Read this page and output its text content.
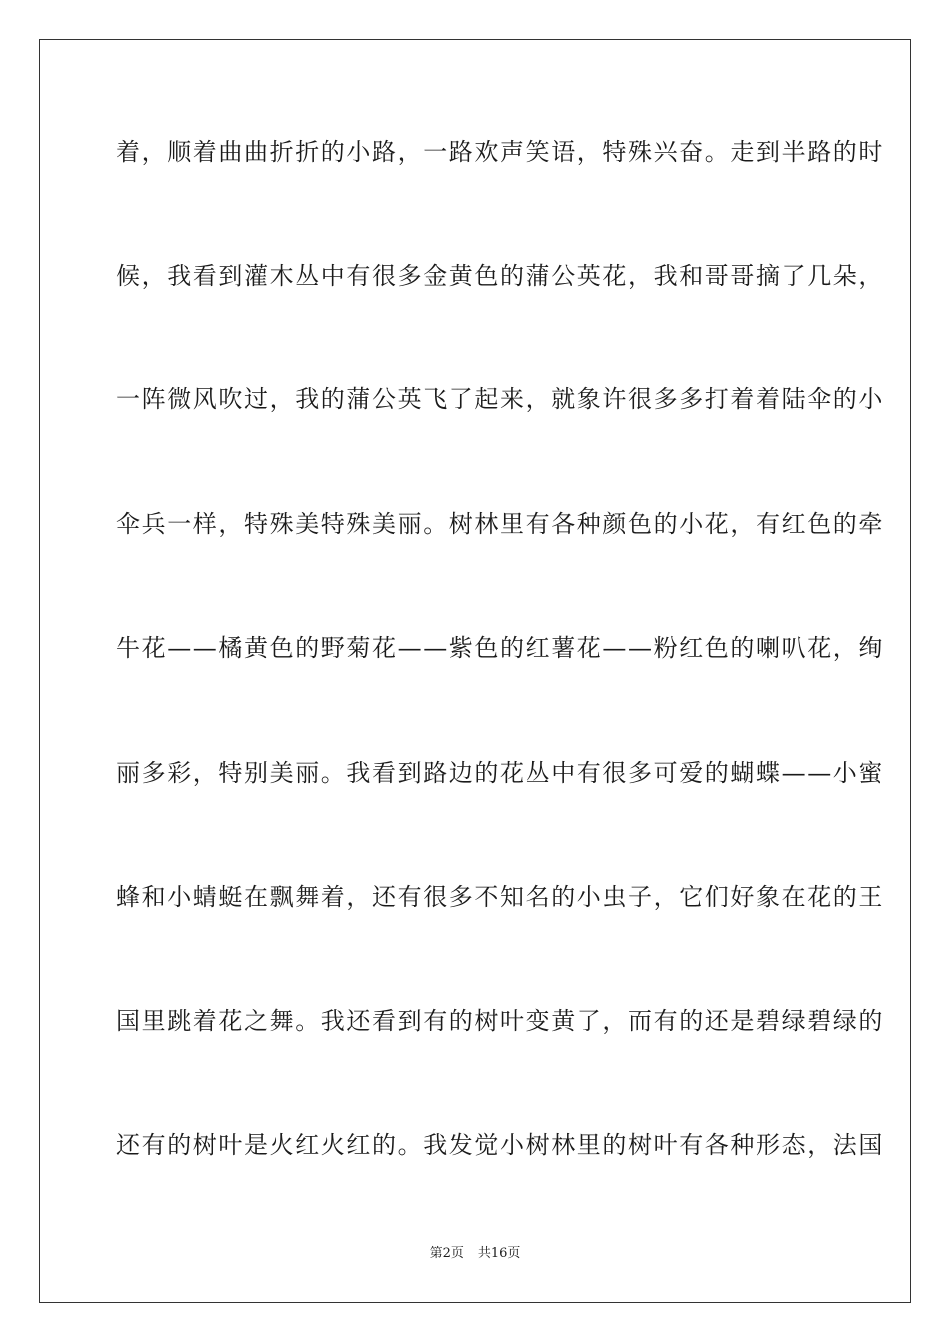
着，顺着曲曲折折的小路，一路欢声笑语，特殊兴奋。走到半路的时
候，我看到灌木丛中有很多金黄色的蒲公英花，我和哥哥摘了几朵，
一阵微风吹过，我的蒲公英飞了起来，就象许很多多打着着陆伞的小
伞兵一样，特殊美特殊美丽。树林里有各种颜色的小花，有红色的牵
牛花——橘黄色的野菊花——紫色的红薯花——粉红色的喇叭花，绚
丽多彩，特别美丽。我看到路边的花丛中有很多可爱的蝴蝶——小蜜
蜂和小蜻蜓在飘舞着，还有很多不知名的小虫子，它们好象在花的王
国里跳着花之舞。我还看到有的树叶变黄了，而有的还是碧绿碧绿的
还有的树叶是火红火红的。我发觉小树林里的树叶有各种形态，法国
第2页 共16页
